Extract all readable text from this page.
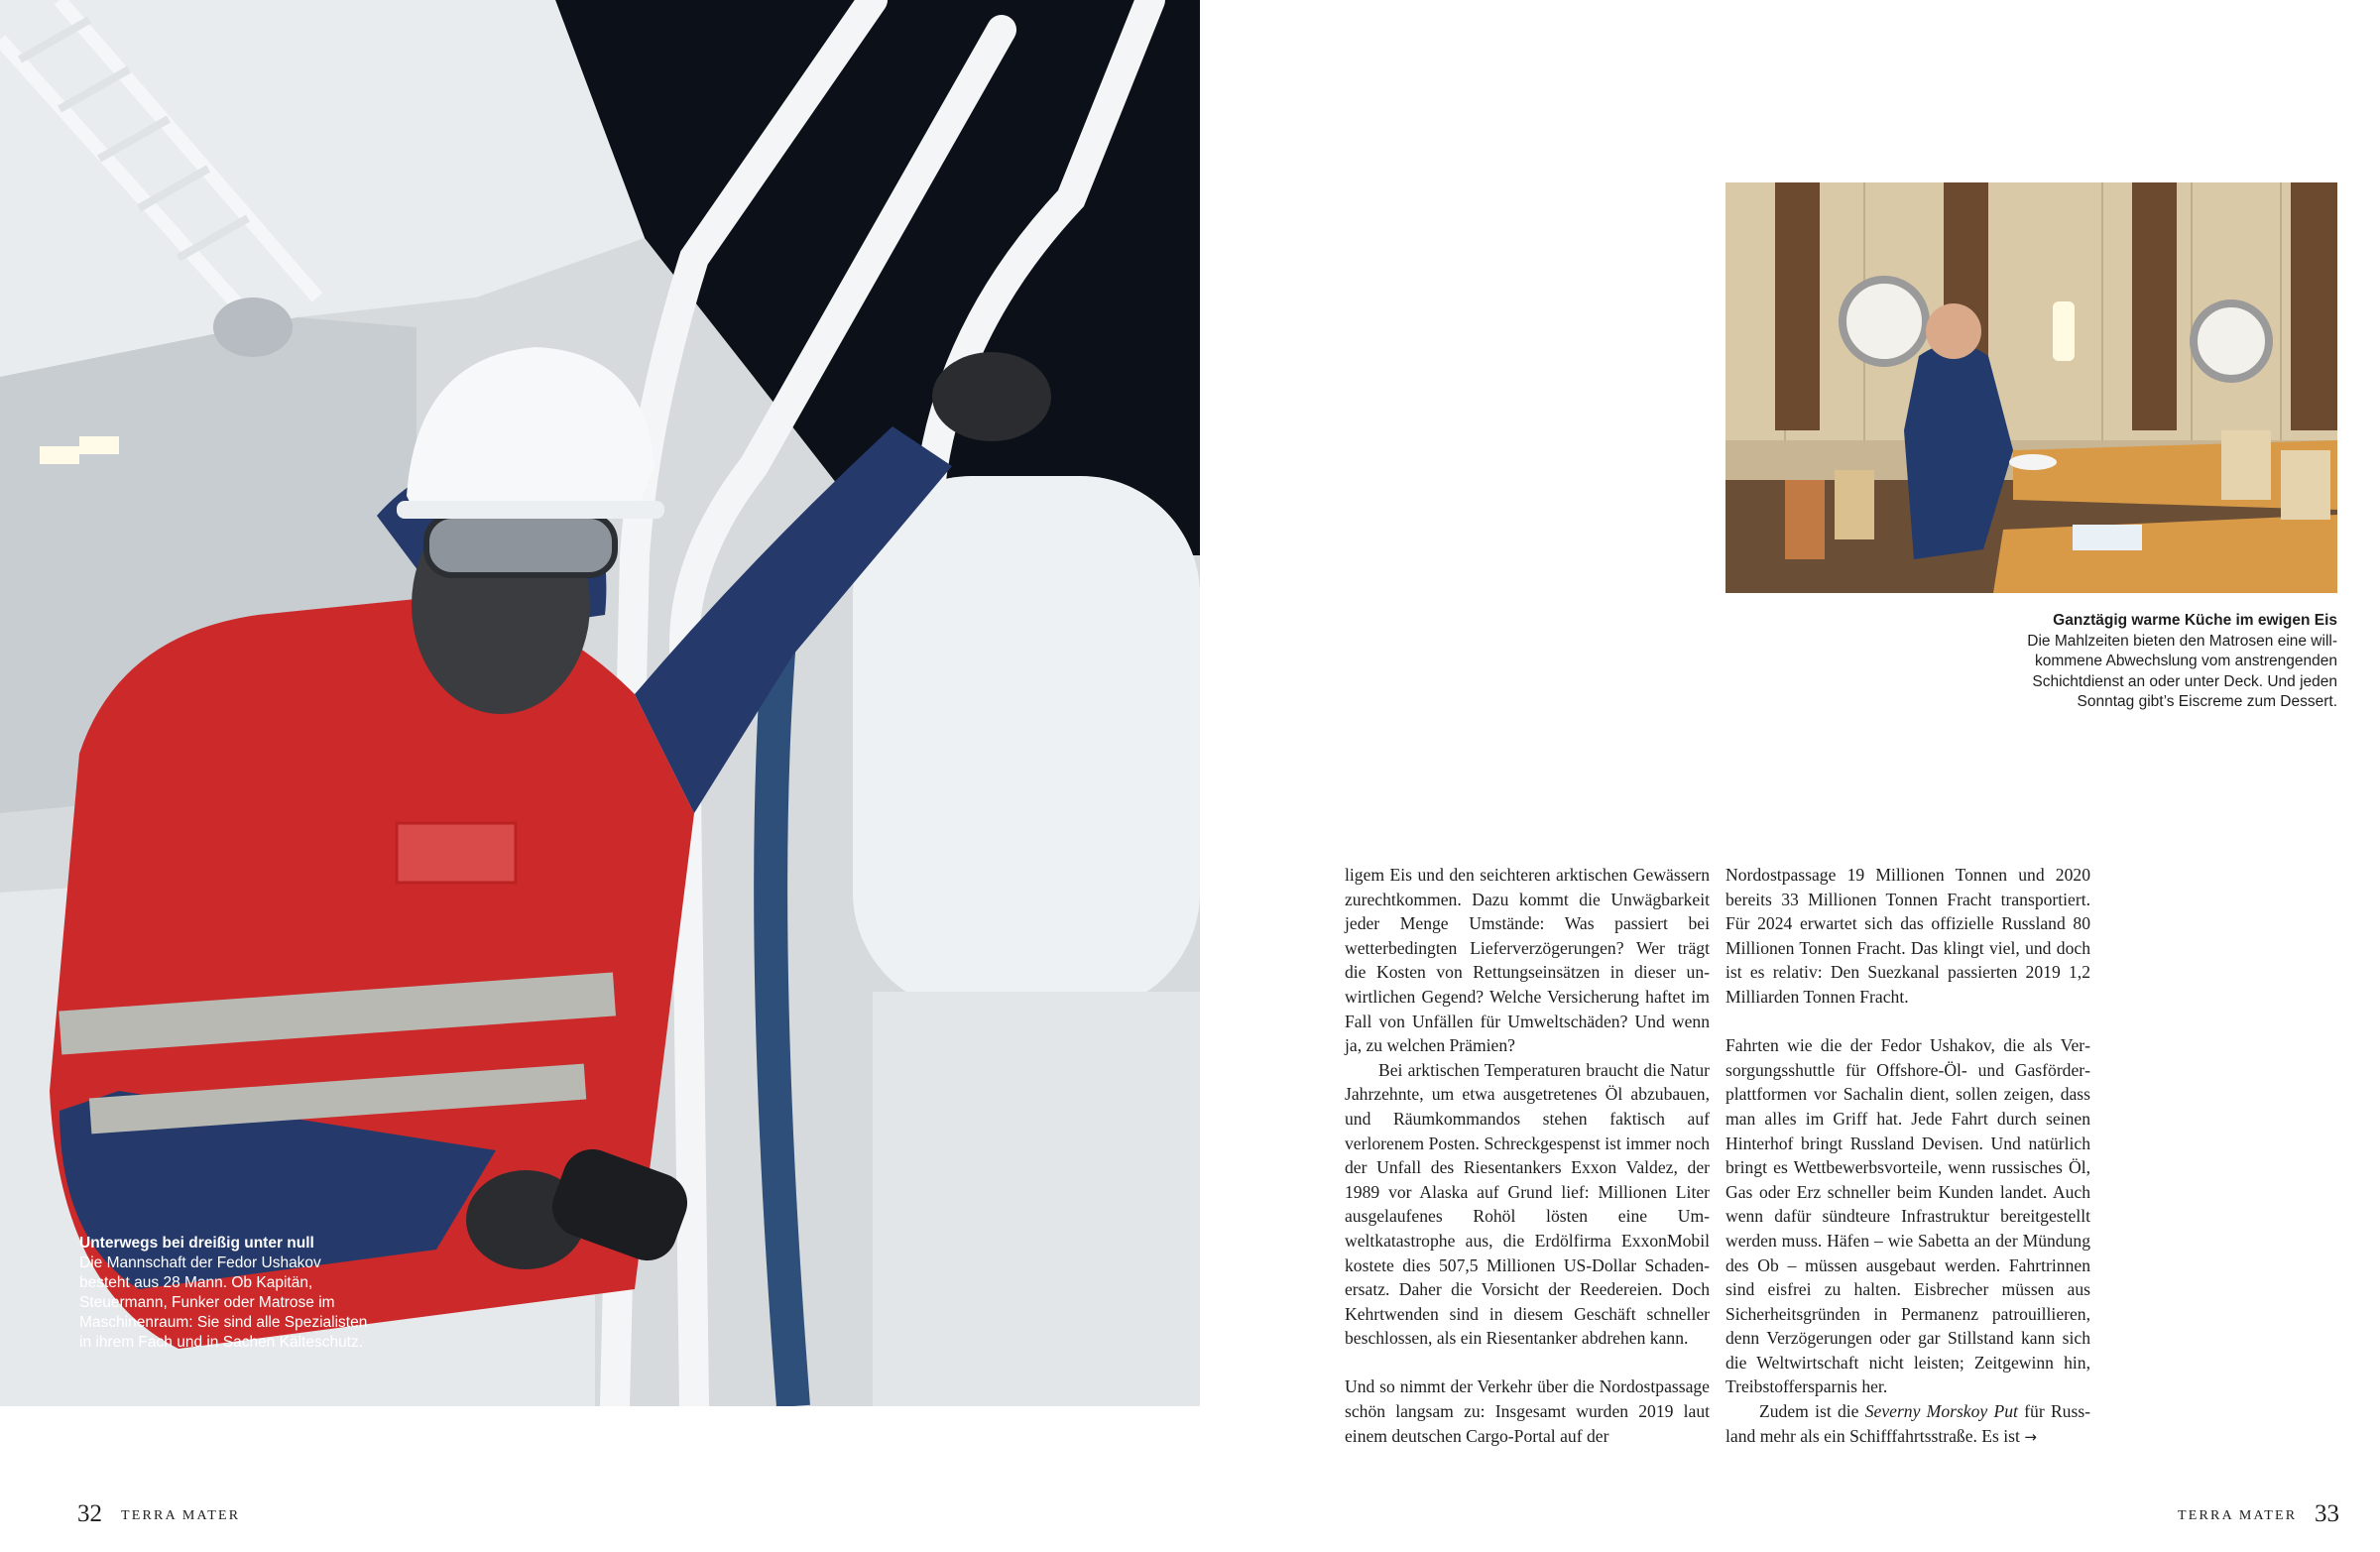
Unterwegs bei dreißig unter null
Die Mannschaft der Fedor Ushakov
besteht aus 28 Mann. Ob Kapitän,
Steuermann, Funker oder Matrose im
Maschinenraum: Sie sind alle Spezialisten
in ihrem Fach und in Sachen Kälteschutz.
32 TERRA MATER
Ganztägig warme Küche im ewigen Eis
Die Mahlzeiten bieten den Matrosen eine will-
kommene Abwechslung vom anstrengenden
Schichtdienst an oder unter Deck. Und jeden
Sonntag gibt’s Eiscreme zum Dessert.

ligem Eis und den seichteren arktischen Gewässern zurechtkommen. Dazu kommt die Unwägbarkeit jeder Menge Umstände: Was passiert bei wetterbedingten Lieferverzögerungen? Wer trägt die Kosten von Rettungseinsätzen in dieser unwirtlichen Gegend? Welche Versicherung haftet im Fall von Unfällen für Umweltschäden? Und wenn ja, zu welchen Prämien?

Bei arktischen Temperaturen braucht die Natur Jahrzehnte, um etwa ausgetretenes Öl abzubauen, und Räumkommandos stehen faktisch auf verlorenem Posten. Schreckgespenst ist immer noch der Unfall des Riesentankers Exxon Valdez, der 1989 vor Alaska auf Grund lief: Millionen Liter ausgelaufenes Rohöl lösten eine Umweltkatastrophe aus, die Erdölfirma ExxonMobil kostete dies 507,5 Millionen US-Dollar Schadenersatz. Daher die Vorsicht der Reedereien. Doch Kehrtwenden sind in diesem Geschäft schneller beschlossen, als ein Riesentanker abdrehen kann.

Und so nimmt der Verkehr über die Nordostpassage schön langsam zu: Insgesamt wurden 2019 laut einem deutschen Cargo-Portal auf der

Nordostpassage 19 Millionen Tonnen und 2020 bereits 33 Millionen Tonnen Fracht transportiert. Für 2024 erwartet sich das offizielle Russland 80 Millionen Tonnen Fracht. Das klingt viel, und doch ist es relativ: Den Suezkanal passierten 2019 1,2 Milliarden Tonnen Fracht.

Fahrten wie die der Fedor Ushakov, die als Versorgungsshuttle für Offshore-Öl- und Gasförderplattformen vor Sachalin dient, sollen zeigen, dass man alles im Griff hat. Jede Fahrt durch seinen Hinterhof bringt Russland Devisen. Und natürlich bringt es Wettbewerbsvorteile, wenn russisches Öl, Gas oder Erz schneller beim Kunden landet. Auch wenn dafür sündteure Infrastruktur bereitgestellt werden muss. Häfen – wie Sabetta an der Mündung des Ob – müssen ausgebaut werden. Fahrtrinnen sind eisfrei zu halten. Eisbrecher müssen aus Sicherheitsgründen in Permanenz patrouillieren, denn Verzögerungen oder gar Stillstand kann sich die Weltwirtschaft nicht leisten; Zeitgewinn hin, Treibstoffersparnis her.

Zudem ist die Severny Morskoy Put für Russland mehr als ein Schifffahrtsstraße. Es ist →

TERRA MATER 33
